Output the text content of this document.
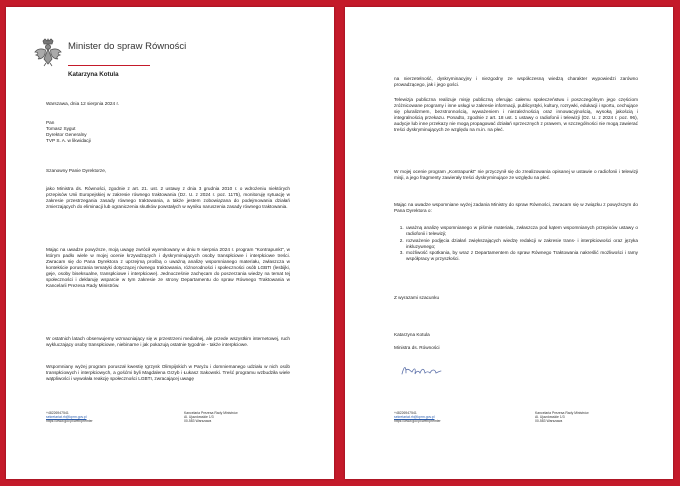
Minister do spraw Równości
Katarzyna Kotula
Warszawa, dnia 12 sierpnia 2024 r.
Pan
Tomasz Sygut
Dyrektor Generalny
TVP S. A. w likwidacji
Szanowny Panie Dyrektorze,
jako Ministra ds. Równości, zgodnie z art. 21. ust. 2 ustawy z dnia 3 grudnia 2010 r. o wdrożeniu niektórych przepisów Unii Europejskiej w zakresie równego traktowania (Dz. U. z 2024 r. poz. 1175), monitoruję sytuację w zakresie przestrzegania zasady równego traktowania, a także jestem zobowiązana do podejmowania działań zmierzających do eliminacji lub ograniczenia skutków powstałych w wyniku naruszenia zasady równego traktowania.
Mając na uwadze powyższe, moją uwagę zwrócił wyemitowany w dniu 9 sierpnia 2024 r. program "Kontrapunkt", w którym padło wiele w mojej ocenie krzywdzących i dyskryminujących osoby transpłciowe i interpłciowe treści. Zwracam się do Pana Dyrektora z uprzejmą prośbą o uważną analizę wspomnianego materiału, zwłaszcza w kontekście poruszania tematyki dotyczącej równego traktowania, różnorodności i społeczności osób LGBTI (lesbijki, geje, osoby biseksualne, transpłciowe i interpłciowe). Jednocześnie zachęcam do poszerzania wiedzy na temat tej społeczności i deklaruję wsparcie w tym zakresie ze strony Departamentu do spraw Równego Traktowania w Kancelarii Prezesa Rady Ministrów.
W ostatnich latach obserwujemy wzmacniający się w przestrzeni medialnej, ale przede wszystkim internetowej, ruch wykluczający osoby transpłciowe, niebinarne i jak pokazują ostatnie tygodnie - także interpłciowe.
Wspomniany wyżej program poruszał kwestię Igrzysk Olimpijskich w Paryżu i domniemanego udziału w nich osób transpłciowych i interpłciowych, a gośćmi byli Magdalena Grzyb i Łukasz Sakowski. Treść programu wzbudziła wiele wątpliwości i wywołała reakcję społeczności LGBTI, zwracającej uwagę
+48226947541
sekretariat.rh@kprm.gov.pl
https://www.gov.pl/web/premier
Kancelaria Prezesa Rady Ministrów
Al. Ujazdowskie 1/3
00-583 Warszawa
na nierzetelność, dyskryminacyjny i niezgodny ze współczesną wiedzą charakter wypowiedzi zarówno prowadzącego, jak i jego gości.
Telewizja publiczna realizuje misję publiczną oferując całemu społeczeństwu i poszczególnym jego częściom zróżnicowane programy i inne usługi w zakresie informacji, publicystyki, kultury, rozrywki, edukacji i sportu, cechujące się pluralizmem, bezstronnością, wyważeniem i niezależnością oraz innowacyjnością, wysoką jakością i integralnością przekazu. Ponadto, zgodnie z art. 18 ust. 1 ustawy o radiofonii i telewizji (Dz. U. z 2024 r. poz. 96), audycje lub inne przekazy nie mogą propagować działań sprzecznych z prawem, w szczególności nie mogą zawierać treści dyskryminujących ze względu na m.in. na płeć.
W mojej ocenie program „Kontrapunkt" nie przyczynił się do zrealizowania opisanej w ustawie o radiofonii i telewizji misji, a jego fragmenty zawierały treści dyskryminujące ze względu na płeć.
Mając na uwadze wspomniane wyżej zadania Ministry do spraw Równości, zwracam się w związku z powyższym do Pana Dyrektora o:
1. uważną analizę wspomnianego w piśmie materiału, zwłaszcza pod kątem wspomnianych przepisów ustawy o radiofonii i telewizji;
2. rozważenie podjęcia działań zwiększających wiedzę redakcji w zakresie trans- i interpłciowości oraz języka inkluzywnego;
3. możliwość spotkania, by wraz z Departamentem do spraw Równego Traktowania nakreślić możliwości i ramy współpracy w przyszłości.
Z wyrazami szacunku
Katarzyna Kotula
Ministra ds. Równości
+48226947541
sekretariat.rh@kprm.gov.pl
https://www.gov.pl/web/premier
Kancelaria Prezesa Rady Ministrów
Al. Ujazdowskie 1/3
00-583 Warszawa
